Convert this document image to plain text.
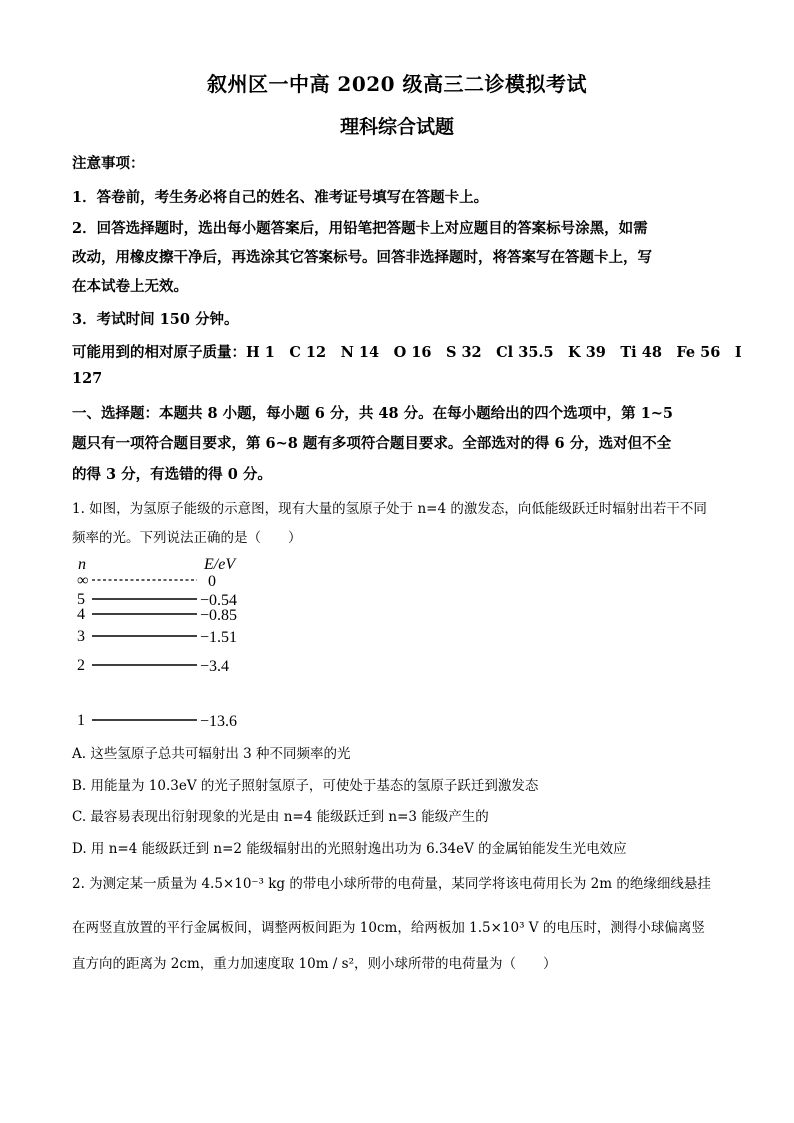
叙州区一中高 2020 级高三二诊模拟考试
理科综合试题
注意事项：
1．答卷前，考生务必将自己的姓名、准考证号填写在答题卡上。
2．回答选择题时，选出每小题答案后，用铅笔把答题卡上对应题目的答案标号涂黑，如需
改动，用橡皮擦干净后，再选涂其它答案标号。回答非选择题时，将答案写在答题卡上，写
在本试卷上无效。
3．考试时间 150 分钟。
可能用到的相对原子质量：H 1　C 12　N 14　O 16　S 32　Cl 35.5　K 39　Ti 48　Fe 56　I
127
一、选择题：本题共 8 小题，每小题 6 分，共 48 分。在每小题给出的四个选项中，第 1~5
题只有一项符合题目要求，第 6~8 题有多项符合题目要求。全部选对的得 6 分，选对但不全
的得 3 分，有选错的得 0 分。
1. 如图，为氢原子能级的示意图，现有大量的氢原子处于 n=4 的激发态，向低能级跃迁时辐射出若干不同
频率的光。下列说法正确的是（　　）
n	E/eV
∞	0
5	−0.54
4	−0.85
3	−1.51
2	−3.4
1	−13.6
A. 这些氢原子总共可辐射出 3 种不同频率的光
B. 用能量为 10.3eV 的光子照射氢原子，可使处于基态的氢原子跃迁到激发态
C. 最容易表现出衍射现象的光是由 n=4 能级跃迁到 n=3 能级产生的
D. 用 n=4 能级跃迁到 n=2 能级辐射出的光照射逸出功为 6.34eV 的金属铂能发生光电效应
2. 为测定某一质量为 4.5×10⁻³ kg 的带电小球所带的电荷量，某同学将该电荷用长为 2m 的绝缘细线悬挂
在两竖直放置的平行金属板间，调整两板间距为 10cm，给两板加 1.5×10³ V 的电压时，测得小球偏离竖
直方向的距离为 2cm，重力加速度取 10m / s²，则小球所带的电荷量为（　　）
